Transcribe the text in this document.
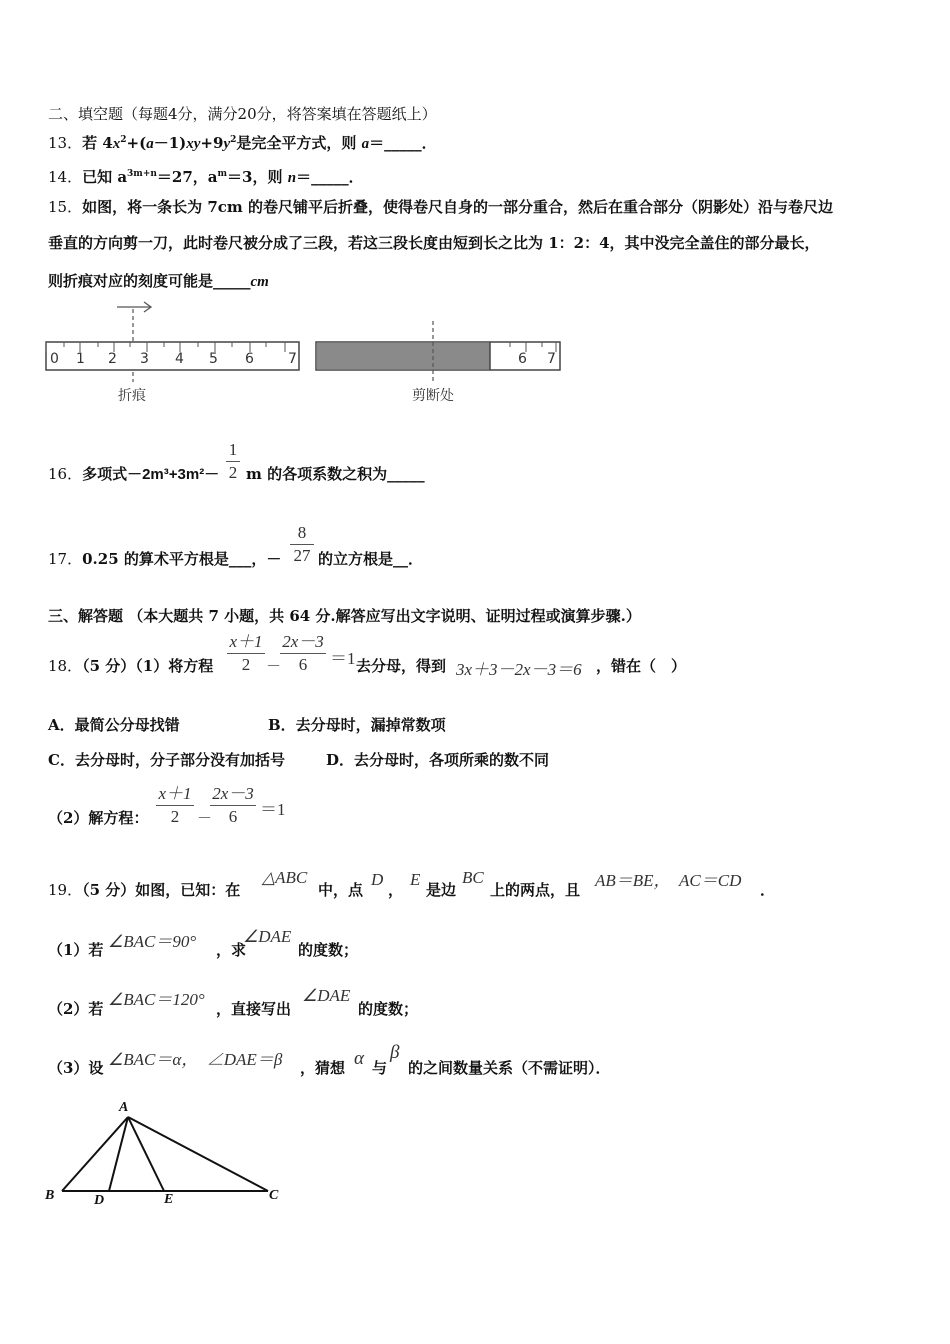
二、填空题（每题4分，满分20分，将答案填在答题纸上）
13．若 $4x^2+(a-1)xy+9y^2$是完全平方式，则 a＝_____．
14．已知 $a^{3m+n}=27$，$a^m=3$，则 n＝_____．
15．如图，将一条长为 7cm 的卷尺铺平后折叠，使得卷尺自身的一部分重合，然后在重合部分（阴影处）沿与卷尺边
垂直的方向剪一刀，此时卷尺被分成了三段，若这三段长度由短到长之比为 1：2：4，其中没完全盖住的部分最长，
则折痕对应的刻度可能是_____cm
0 1 2 3 4 5 6 7	6 7
折痕	剪断处
16．多项式－2m³+3m²－
1
2 m 的各项系数之积为_____
17．0.25 的算术平方根是___，－
8
27 的立方根是__．
三、解答题 （本大题共 7 小题，共 64 分.解答应写出文字说明、证明过程或演算步骤.）
18．（5 分）（1）将方程
x＋1
2	－
2x－3
6	＝1 去分母，得到 3x＋3－2x－3＝6 ，错在（　）
A．最简公分母找错	B．去分母时，漏掉常数项
C．去分母时，分子部分没有加括号	D．去分母时，各项所乘的数不同
（2）解方程：
x＋1
2	－
2x－3
6	＝1
19．（5 分）如图，已知：在
△ABC
中，点
D
，
E
是边
BC
上的两点，且 AB＝BE，　AC＝CD ．
（1）若 ∠BAC＝90° ，求
∠DAE
的度数；
（2）若 ∠BAC＝120° ，直接写出
∠DAE
的度数；
（3）设 ∠BAC＝α，　∠DAE＝β ，猜想 α 与
β
的之间数量关系（不需证明）．
A
B	C
D	E
